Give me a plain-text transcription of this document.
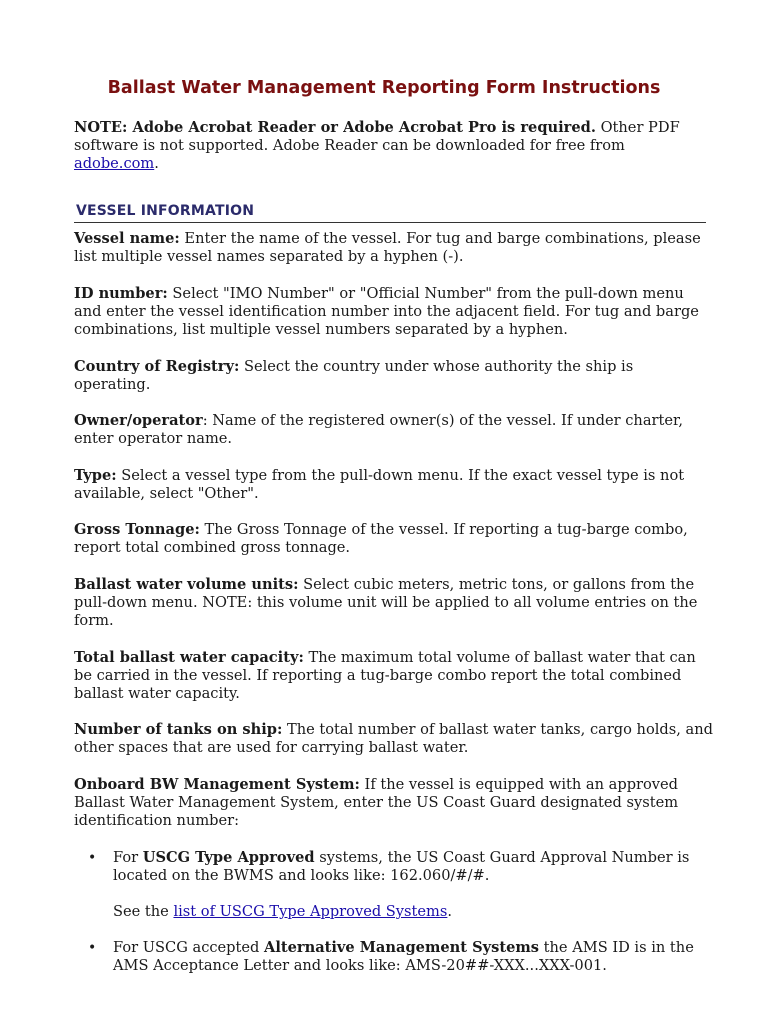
Ballast Water Management Reporting Form Instructions

NOTE: Adobe Acrobat Reader or Adobe Acrobat Pro is required. Other PDF software is not supported. Adobe Reader can be downloaded for free from adobe.com.

VESSEL INFORMATION

Vessel name: Enter the name of the vessel. For tug and barge combinations, please list multiple vessel names separated by a hyphen (-).

ID number: Select "IMO Number" or "Official Number" from the pull-down menu and enter the vessel identification number into the adjacent field. For tug and barge combinations, list multiple vessel numbers separated by a hyphen.

Country of Registry: Select the country under whose authority the ship is operating.

Owner/operator: Name of the registered owner(s) of the vessel. If under charter, enter operator name.

Type: Select a vessel type from the pull-down menu. If the exact vessel type is not available, select "Other".

Gross Tonnage: The Gross Tonnage of the vessel. If reporting a tug-barge combo, report total combined gross tonnage.

Ballast water volume units: Select cubic meters, metric tons, or gallons from the pull-down menu. NOTE: this volume unit will be applied to all volume entries on the form.

Total ballast water capacity: The maximum total volume of ballast water that can be carried in the vessel. If reporting a tug-barge combo report the total combined ballast water capacity.

Number of tanks on ship: The total number of ballast water tanks, cargo holds, and other spaces that are used for carrying ballast water.

Onboard BW Management System: If the vessel is equipped with an approved Ballast Water Management System, enter the US Coast Guard designated system identification number:

• For USCG Type Approved systems, the US Coast Guard Approval Number is located on the BWMS and looks like: 162.060/#/#.

See the list of USCG Type Approved Systems.

• For USCG accepted Alternative Management Systems the AMS ID is in the AMS Acceptance Letter and looks like: AMS-20##-XXX...XXX-001.
